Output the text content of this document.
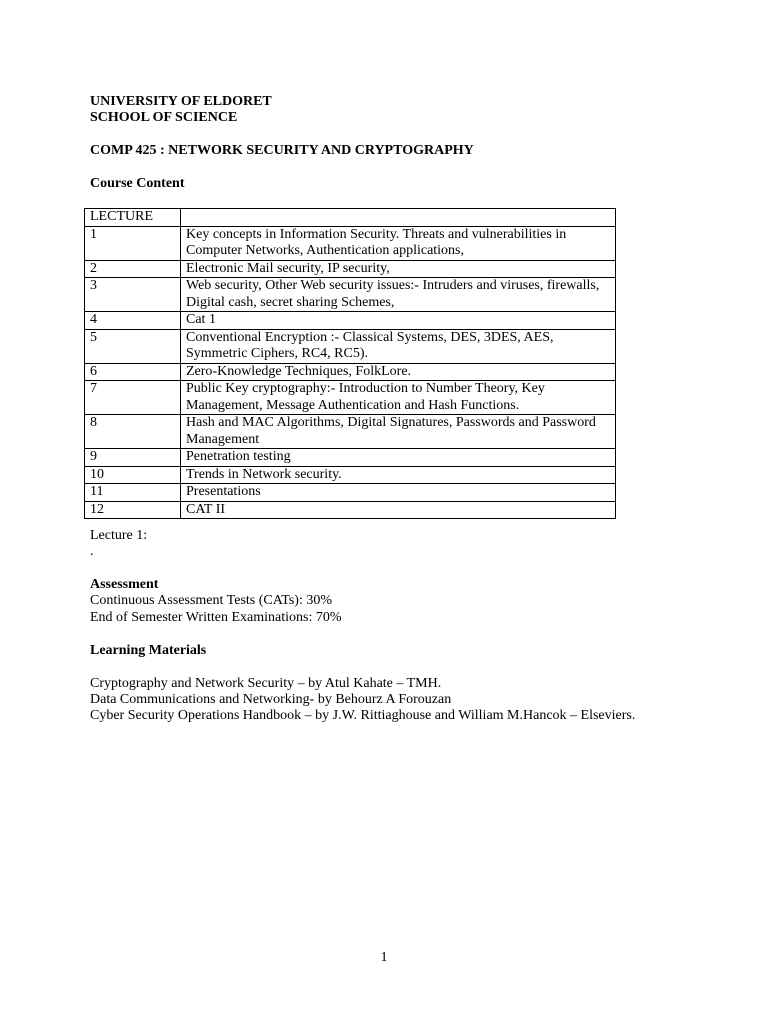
UNIVERSITY OF ELDORET
SCHOOL OF SCIENCE
COMP 425 : NETWORK SECURITY AND CRYPTOGRAPHY
Course Content
LECTURE	
1	Key concepts in Information Security. Threats and vulnerabilities in
Computer Networks, Authentication applications,

2	Electronic Mail security, IP security,
3	Web security, Other Web security issues:- Intruders and viruses, firewalls,
Digital cash, secret sharing Schemes,

4	Cat 1
5	Conventional Encryption :- Classical Systems, DES, 3DES, AES,
Symmetric Ciphers, RC4, RC5).

6	Zero-Knowledge Techniques, FolkLore.
7	Public Key cryptography:- Introduction to Number Theory, Key
Management, Message Authentication and Hash Functions.

8	Hash and MAC Algorithms, Digital Signatures, Passwords and Password
Management

9	Penetration testing
10	Trends in Network security.
11	Presentations
12	CAT II
Lecture 1:
.
Assessment
Continuous Assessment Tests (CATs): 30%
End of Semester Written Examinations: 70%
Learning Materials
Cryptography and Network Security – by Atul Kahate – TMH.
Data Communications and Networking- by Behourz A Forouzan
Cyber Security Operations Handbook – by J.W. Rittiaghouse and William M.Hancok – Elseviers.
1
